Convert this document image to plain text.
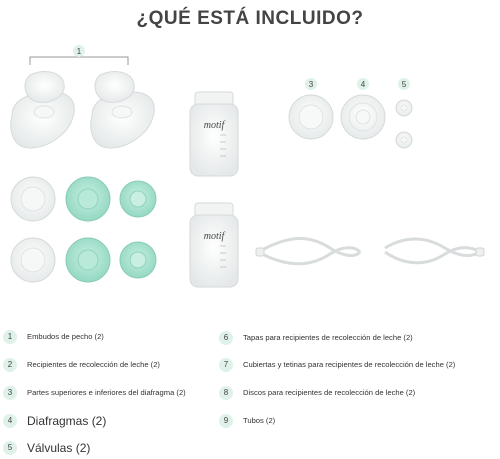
¿QUÉ ESTÁ INCLUIDO?
1
motif
motif
3	4	5
1	Embudos de pecho (2)
2	Recipientes de recolección de leche (2)
3	Partes superiores e inferiores del diafragma (2)
4	Diafragmas (2)
5	Válvulas (2)
6	Tapas para recipientes de recolección de leche (2)
7	Cubiertas y tetinas para recipientes de recolección de leche (2)
8	Discos para recipientes de recolección de leche (2)
9	Tubos (2)
